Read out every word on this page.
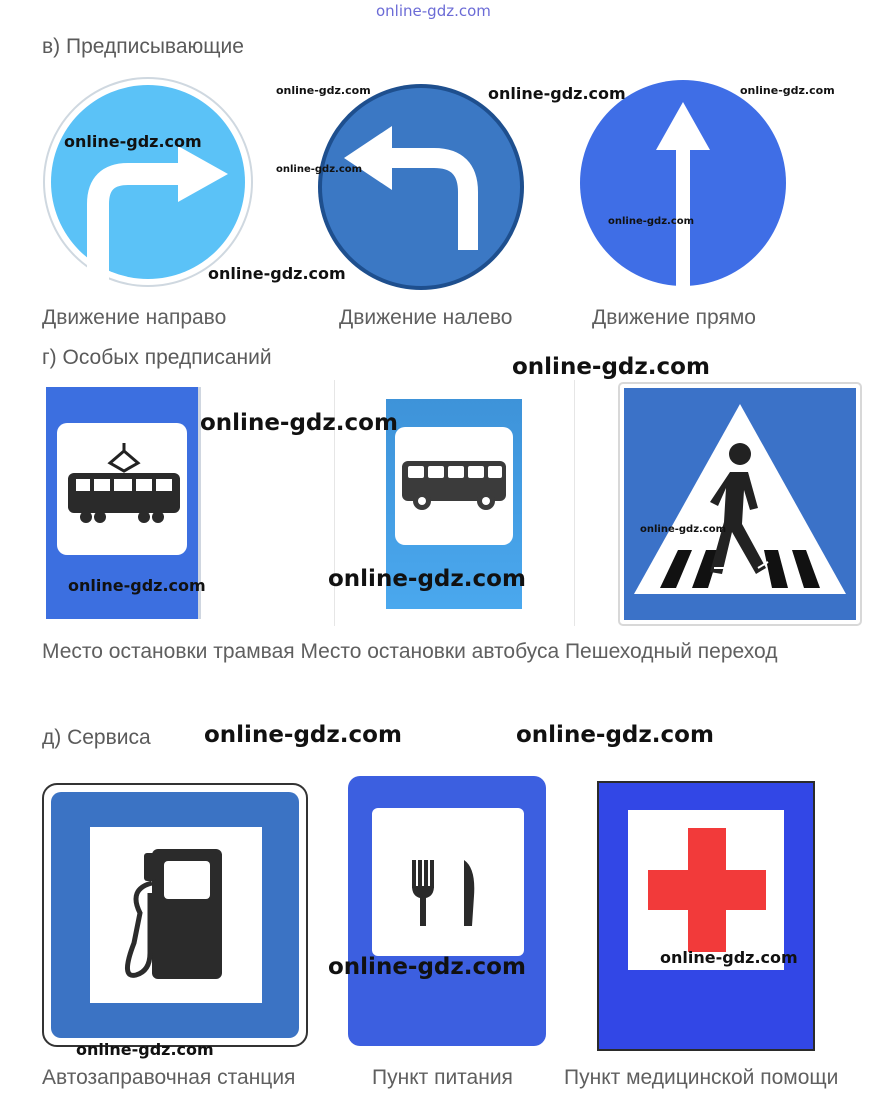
online-gdz.com
в) Предписывающие
Движение направо	Движение налево	Движение прямо
г) Особых предписаний
Место остановки трамвая Место остановки автобуса Пешеходный переход
д) Сервиса
Автозаправочная станция	Пункт питания Пункт медицинской помощи
online-gdz.com	online-gdz.com	online-gdz.com
online-gdz.com
online-gdz.com
online-gdz.com
online-gdz.com
online-gdz.com
online-gdz.com
online-gdz.com
online-gdz.com
online-gdz.com
online-gdz.com	online-gdz.com
online-gdz.com
online-gdz.com
online-gdz.com
